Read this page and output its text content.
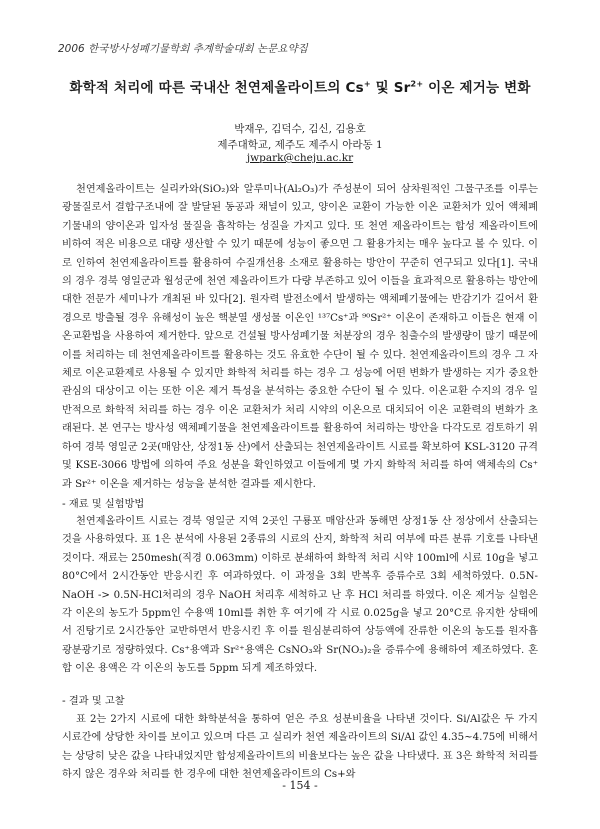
2006 한국방사성폐기물학회 추계학술대회 논문요약집
화학적 처리에 따른 국내산 천연제올라이트의 Cs+ 및 $Sr^{2+}$ 이온 제거능 변화
박재우, 김덕수, 김신, 김용호
제주대학교, 제주도 제주시 아라동 1
jwpark@cheju.ac.kr

천연제올라이트는 실리카와(SiO₂)와 알루미나(Al₂O₃)가 주성분이 되어 삼차원적인 그물구조를 이루는 광물질로서 결합구조내에 잘 발달된 동공과 채널이 있고, 양이온 교환이 가능한 이온 교환처가 있어 액체폐기물내의 양이온과 입자성 물질을 흡착하는 성질을 가지고 있다. 또 천연 제올라이트는 합성 제올라이트에 비하여 적은 비용으로 대량 생산할 수 있기 때문에 성능이 좋으면 그 활용가치는 매우 높다고 볼 수 있다. 이로 인하여 천연제올라이트를 활용하여 수질개선용 소재로 활용하는 방안이 꾸준히 연구되고 있다[1]. 국내의 경우 경북 영일군과 월성군에 천연 제올라이트가 다량 부존하고 있어 이들을 효과적으로 활용하는 방안에 대한 전문가 세미나가 개최된 바 있다[2]. 원자력 발전소에서 발생하는 액체폐기물에는 반감기가 길어서 환경으로 방출될 경우 유해성이 높은 핵분열 생성물 이온인 ¹³⁷Cs⁺과 ⁹⁰Sr²⁺ 이온이 존재하고 이들은 현재 이온교환법을 사용하여 제거한다. 앞으로 건설될 방사성폐기물 처분장의 경우 침출수의 발생량이 많기 때문에 이를 처리하는 데 천연제올라이트를 활용하는 것도 유효한 수단이 될 수 있다. 천연제올라이트의 경우 그 자체로 이온교환제로 사용될 수 있지만 화학적 처리를 하는 경우 그 성능에 어떤 변화가 발생하는 지가 중요한 관심의 대상이고 이는 또한 이온 제거 특성을 분석하는 중요한 수단이 될 수 있다. 이온교환 수지의 경우 일반적으로 화학적 처리를 하는 경우 이온 교환처가 처리 시약의 이온으로 대치되어 이온 교환력의 변화가 초래된다. 본 연구는 방사성 액체폐기물을 천연제올라이트를 활용하여 처리하는 방안을 다각도로 검토하기 위하여 경북 영일군 2곳(매암산, 상정1동 산)에서 산출되는 천연제올라이트 시료를 확보하여 KSL-3120 규격 및 KSE-3066 방법에 의하여 주요 성분을 확인하였고 이들에게 몇 가지 화학적 처리를 하여 액체속의 Cs⁺과 Sr²⁺ 이온을 제거하는 성능을 분석한 결과를 제시한다.

- 재료 및 실험방법

천연제올라이트 시료는 경북 영일군 지역 2곳인 구룡포 매암산과 동해면 상정1동 산 정상에서 산출되는 것을 사용하였다. 표 1은 분석에 사용된 2종류의 시료의 산지, 화학적 처리 여부에 따른 분류 기호를 나타낸 것이다. 재료는 250mesh(직경 0.063mm) 이하로 분쇄하여 화학적 처리 시약 100ml에 시료 10g을 넣고 80°C에서 2시간동안 반응시킨 후 여과하였다. 이 과정을 3회 반복후 증류수로 3회 세척하였다. 0.5N-NaOH -> 0.5N-HCl처리의 경우 NaOH 처리후 세척하고 난 후 HCl 처리를 하였다. 이온 제거능 실험은 각 이온의 농도가 5ppm인 수용액 10ml를 취한 후 여기에 각 시료 0.025g을 넣고 20°C로 유지한 상태에서 진탕기로 2시간동안 교반하면서 반응시킨 후 이를 원심분리하여 상등액에 잔류한 이온의 농도를 원자흡광분광기로 정량하였다. Cs⁺용액과 Sr²⁺용액은 CsNO₃와 Sr(NO₃)₂을 증류수에 용해하여 제조하였다. 혼합 이온 용액은 각 이온의 농도를 5ppm 되게 제조하였다.

- 결과 및 고찰

표 2는 2가지 시료에 대한 화학분석을 통하여 얻은 주요 성분비율을 나타낸 것이다. Si/Al값은 두 가지 시료간에 상당한 차이를 보이고 있으며 다른 고 실리카 천연 제올라이트의 Si/Al 값인 4.35~4.75에 비해서는 상당히 낮은 값을 나타내었지만 합성제올라이트의 비율보다는 높은 값을 나타냈다. 표 3은 화학적 처리를 하지 않은 경우와 처리를 한 경우에 대한 천연제올라이트의 Cs+와

- 154 -
